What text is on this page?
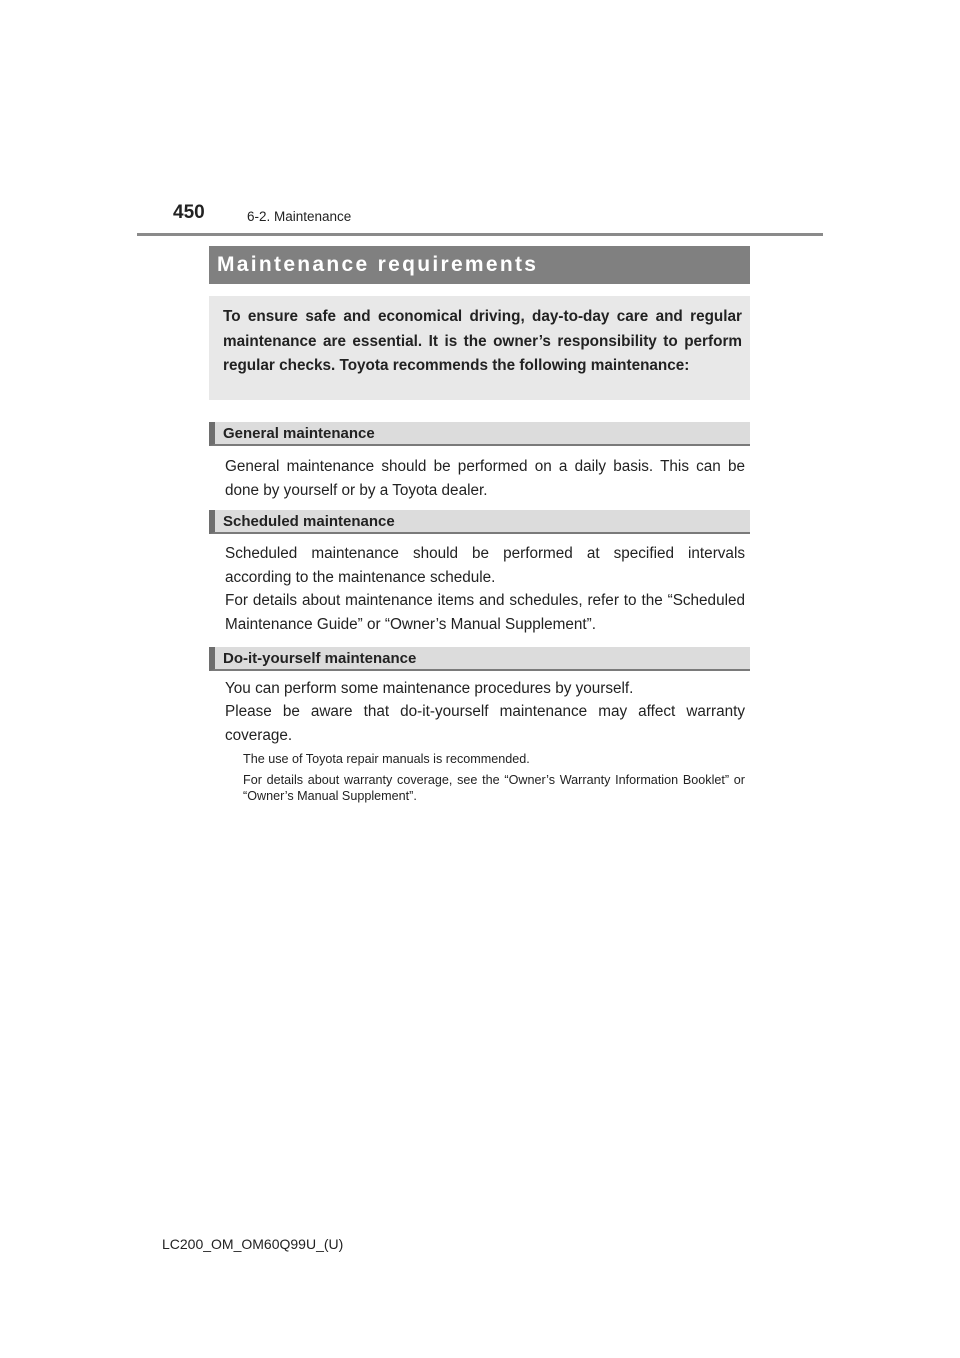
450	6-2. Maintenance
Maintenance requirements
To ensure safe and economical driving, day-to-day care and regular maintenance are essential. It is the owner’s responsibility to perform regular checks. Toyota recommends the following maintenance:
General maintenance
General maintenance should be performed on a daily basis. This can be done by yourself or by a Toyota dealer.
Scheduled maintenance
Scheduled maintenance should be performed at specified intervals according to the maintenance schedule.
For details about maintenance items and schedules, refer to the “Scheduled Maintenance Guide” or “Owner’s Manual Supplement”.
Do-it-yourself maintenance
You can perform some maintenance procedures by yourself.
Please be aware that do-it-yourself maintenance may affect warranty coverage.
The use of Toyota repair manuals is recommended.
For details about warranty coverage, see the “Owner’s Warranty Information Booklet” or “Owner’s Manual Supplement”.
LC200_OM_OM60Q99U_(U)
